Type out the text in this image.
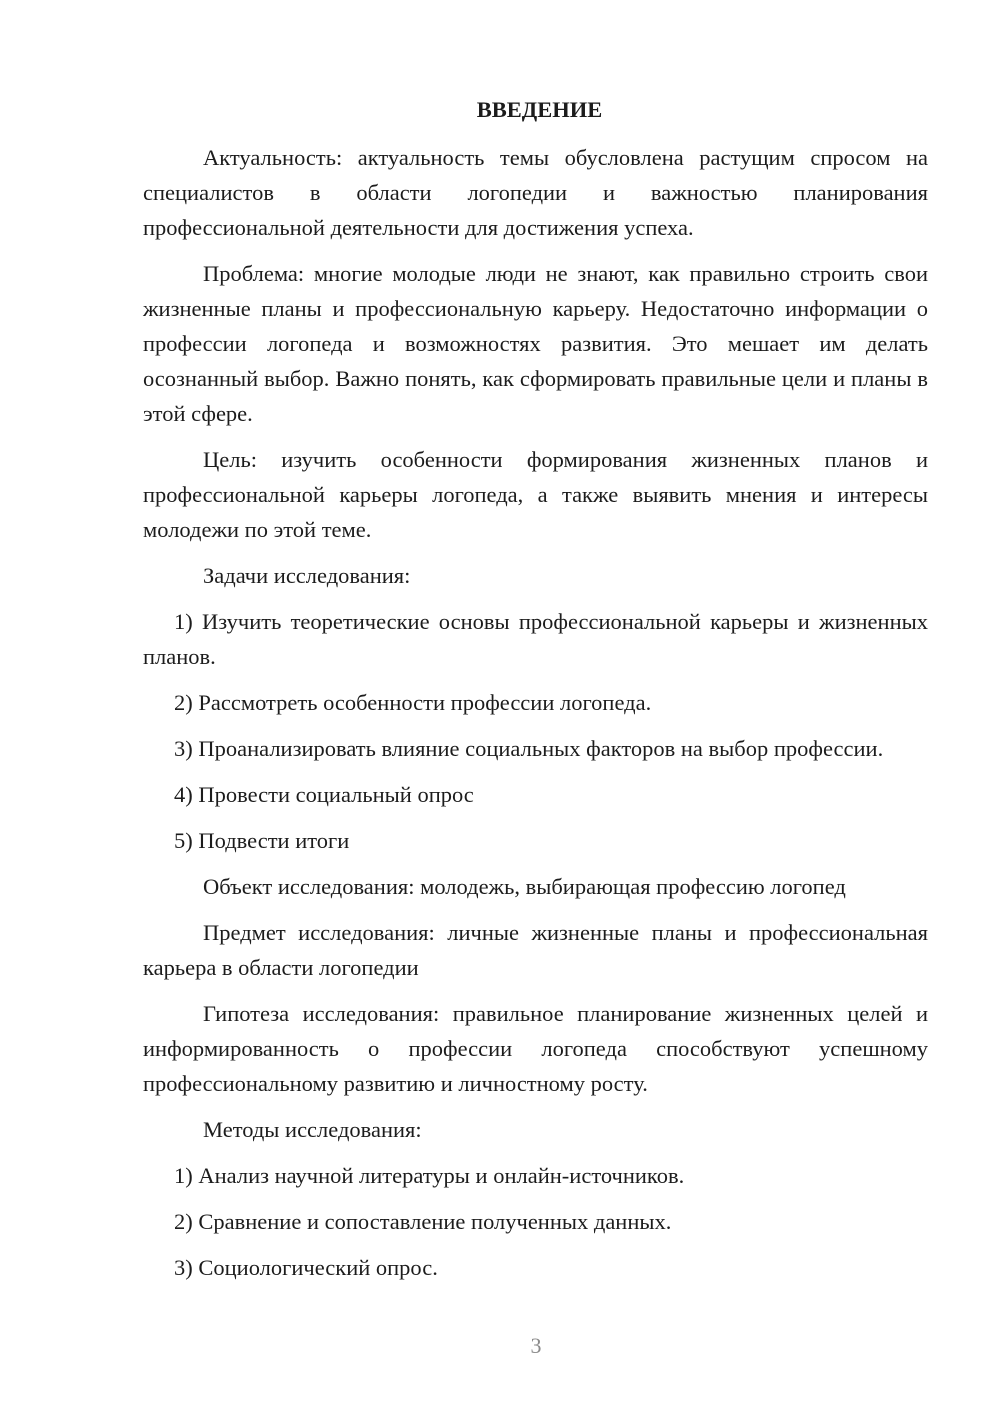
ВВЕДЕНИЕ

Актуальность: актуальность темы обусловлена растущим спросом на специалистов в области логопедии и важностью планирования профессиональной деятельности для достижения успеха.

Проблема: многие молодые люди не знают, как правильно строить свои жизненные планы и профессиональную карьеру. Недостаточно информации о профессии логопеда и возможностях развития. Это мешает им делать осознанный выбор. Важно понять, как сформировать правильные цели и планы в этой сфере.

Цель: изучить особенности формирования жизненных планов и профессиональной карьеры логопеда, а также выявить мнения и интересы молодежи по этой теме.

Задачи исследования:

1) Изучить теоретические основы профессиональной карьеры и жизненных планов.

2) Рассмотреть особенности профессии логопеда.

3) Проанализировать влияние социальных факторов на выбор профессии.

4) Провести социальный опрос

5) Подвести итоги

Объект исследования: молодежь, выбирающая профессию логопед

Предмет исследования: личные жизненные планы и профессиональная карьера в области логопедии

Гипотеза исследования: правильное планирование жизненных целей и информированность о профессии логопеда способствуют успешному профессиональному развитию и личностному росту.

Методы исследования:

1) Анализ научной литературы и онлайн-источников.

2) Сравнение и сопоставление полученных данных.

3) Социологический опрос.

3
